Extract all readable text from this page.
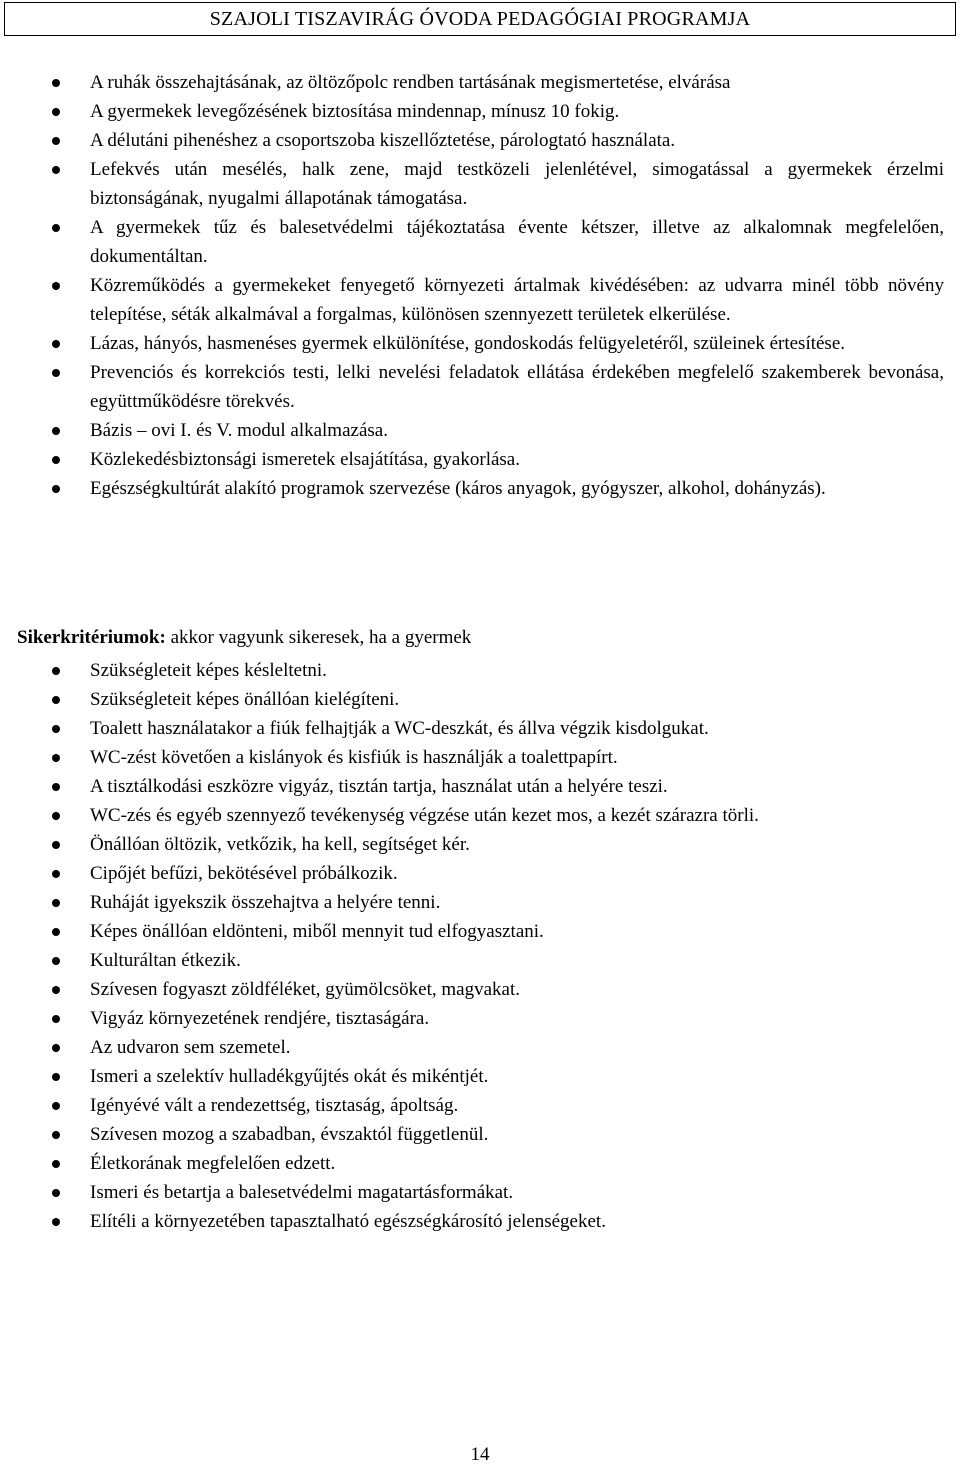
SZAJOLI TISZAVIRÁG ÓVODA PEDAGÓGIAI PROGRAMJA
A ruhák összehajtásának, az öltözőpolc rendben tartásának megismertetése, elvárása
A gyermekek levegőzésének biztosítása mindennap, mínusz 10 fokig.
A délutáni pihenéshez a csoportszoba kiszellőztetése, párologtató használata.
Lefekvés után mesélés, halk zene, majd testközeli jelenlétével, simogatással a gyermekek érzelmi biztonságának, nyugalmi állapotának támogatása.
A gyermekek tűz és balesetvédelmi tájékoztatása évente kétszer, illetve az alkalomnak megfelelően, dokumentáltan.
Közreműködés a gyermekeket fenyegető környezeti ártalmak kivédésében: az udvarra minél több növény telepítése, séták alkalmával a forgalmas, különösen szennyezett területek elkerülése.
Lázas, hányós, hasmenéses gyermek elkülönítése, gondoskodás felügyeletéről, szüleinek értesítése.
Prevenciós és korrekciós testi, lelki nevelési feladatok ellátása érdekében megfelelő szakemberek bevonása, együttműködésre törekvés.
Bázis – ovi I. és V. modul alkalmazása.
Közlekedésbiztonsági ismeretek elsajátítása, gyakorlása.
Egészségkultúrát alakító programok szervezése (káros anyagok, gyógyszer, alkohol, dohányzás).
Sikerkritériumok: akkor vagyunk sikeresek, ha a gyermek
Szükségleteit képes késleltetni.
Szükségleteit képes önállóan kielégíteni.
Toalett használatakor a fiúk felhajtják a WC-deszkát, és állva végzik kisdolgukat.
WC-zést követően a kislányok és kisfiúk is használják a toalettpapírt.
A tisztálkodási eszközre vigyáz, tisztán tartja, használat után a helyére teszi.
WC-zés és egyéb szennyező tevékenység végzése után kezet mos, a kezét szárazra törli.
Önállóan öltözik, vetkőzik, ha kell, segítséget kér.
Cipőjét befűzi, bekötésével próbálkozik.
Ruháját igyekszik összehajtva a helyére tenni.
Képes önállóan eldönteni, miből mennyit tud elfogyasztani.
Kulturáltan étkezik.
Szívesen fogyaszt zöldféléket, gyümölcsöket, magvakat.
Vigyáz környezetének rendjére, tisztaságára.
Az udvaron sem szemetel.
Ismeri a szelektív hulladékgyűjtés okát és mikéntjét.
Igényévé vált a rendezettség, tisztaság, ápoltság.
Szívesen mozog a szabadban, évszaktól függetlenül.
Életkorának megfelelően edzett.
Ismeri és betartja a balesetvédelmi magatartásformákat.
Elítéli a környezetében tapasztalható egészségkárosító jelenségeket.
14
